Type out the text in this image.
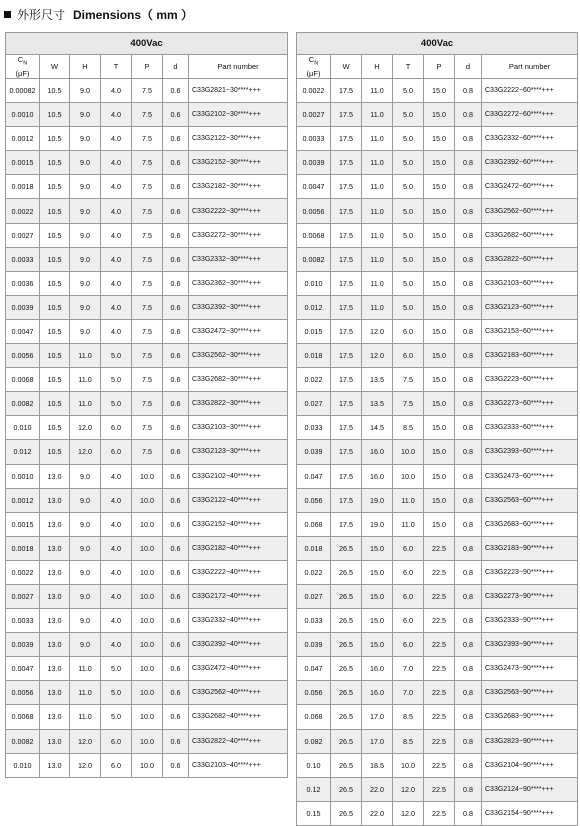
外形尺寸 Dimensions（ mm ）
400Vac						
$C_N$
(μF)	W	H	T	P	d	Part number
0.00082	10.5	9.0	4.0	7.5	0.6	C33G2821−30****+++
0.0010	10.5	9.0	4.0	7.5	0.6	C33G2102−30****+++
0.0012	10.5	9.0	4.0	7.5	0.6	C33G2122−30****+++
0.0015	10.5	9.0	4.0	7.5	0.6	C33G2152−30****+++
0.0018	10.5	9.0	4.0	7.5	0.6	C33G2182−30****+++
0.0022	10.5	9.0	4.0	7.5	0.6	C33G2222−30****+++
0.0027	10.5	9.0	4.0	7.5	0.6	C33G2272−30****+++
0.0033	10.5	9.0	4.0	7.5	0.6	C33G2332−30****+++
0.0036	10.5	9.0	4.0	7.5	0.6	C33G2362−30****+++
0.0039	10.5	9.0	4.0	7.5	0.6	C33G2392−30****+++
0.0047	10.5	9.0	4.0	7.5	0.6	C33G2472−30****+++
0.0056	10.5	11.0	5.0	7.5	0.6	C33G2562−30****+++
0.0068	10.5	11.0	5.0	7.5	0.6	C33G2682−30****+++
0.0082	10.5	11.0	5.0	7.5	0.6	C33G2822−30****+++
0.010	10.5	12.0	6.0	7.5	0.6	C33G2103−30****+++
0.012	10.5	12.0	6.0	7.5	0.6	C33G2123−30****+++
0.0010	13.0	9.0	4.0	10.0	0.6	C33G2102−40****+++
0.0012	13.0	9.0	4.0	10.0	0.6	C33G2122−40****+++
0.0015	13.0	9.0	4.0	10.0	0.6	C33G2152−40****+++
0.0018	13.0	9.0	4.0	10.0	0.6	C33G2182−40****+++
0.0022	13.0	9.0	4.0	10.0	0.6	C33G2222−40****+++
0.0027	13.0	9.0	4.0	10.0	0.6	C33G2172−40****+++
0.0033	13.0	9.0	4.0	10.0	0.6	C33G2332−40****+++
0.0039	13.0	9.0	4.0	10.0	0.6	C33G2392−40****+++
0.0047	13.0	11.0	5.0	10.0	0.6	C33G2472−40****+++
0.0056	13.0	11.0	5.0	10.0	0.6	C33G2562−40****+++
0.0068	13.0	11.0	5.0	10.0	0.6	C33G2682−40****+++
0.0082	13.0	12.0	6.0	10.0	0.6	C33G2822−40****+++
0.010	13.0	12.0	6.0	10.0	0.6	C33G2103−40****+++
400Vac						
$C_N$
(μF)	W	H	T	P	d	Part number
0.0022	17.5	11.0	5.0	15.0	0.8	C33G2222−60****+++
0.0027	17.5	11.0	5.0	15.0	0.8	C33G2272−60****+++
0.0033	17.5	11.0	5.0	15.0	0.8	C33G2332−60****+++
0.0039	17.5	11.0	5.0	15.0	0.8	C33G2392−60****+++
0.0047	17.5	11.0	5.0	15.0	0.8	C33G2472−60****+++
0.0056	17.5	11.0	5.0	15.0	0.8	C33G2562−60****+++
0.0068	17.5	11.0	5.0	15.0	0.8	C33G2682−60****+++
0.0082	17.5	11.0	5.0	15.0	0.8	C33G2822−60****+++
0.010	17.5	11.0	5.0	15.0	0.8	C33G2103−60****+++
0.012	17.5	11.0	5.0	15.0	0.8	C33G2123−60****+++
0.015	17.5	12.0	6.0	15.0	0.8	C33G2153−60****+++
0.018	17.5	12.0	6.0	15.0	0.8	C33G2183−60****+++
0.022	17.5	13.5	7.5	15.0	0.8	C33G2223−60****+++
0.027	17.5	13.5	7.5	15.0	0.8	C33G2273−60****+++
0.033	17.5	14.5	8.5	15.0	0.8	C33G2333−60****+++
0.039	17.5	16.0	10.0	15.0	0.8	C33G2393−60****+++
0.047	17.5	16.0	10.0	15.0	0.8	C33G2473−60****+++
0.056	17.5	19.0	11.0	15.0	0.8	C33G2563−60****+++
0.068	17.5	19.0	11.0	15.0	0.8	C33G2683−60****+++
0.018	26.5	15.0	6.0	22.5	0.8	C33G2183−90****+++
0.022	26.5	15.0	6.0	22.5	0.8	C33G2223−90****+++
0.027	26.5	15.0	6.0	22.5	0.8	C33G2273−90****+++
0.033	26.5	15.0	6.0	22.5	0.8	C33G2333−90****+++
0.039	26.5	15.0	6.0	22.5	0.8	C33G2393−90****+++
0.047	26.5	16.0	7.0	22.5	0.8	C33G2473−90****+++
0.056	26.5	16.0	7.0	22.5	0.8	C33G2563−90****+++
0.068	26.5	17.0	8.5	22.5	0.8	C33G2683−90****+++
0.082	26.5	17.0	8.5	22.5	0.8	C33G2823−90****+++
0.10	26.5	18.5	10.0	22.5	0.8	C33G2104−90****+++
0.12	26.5	22.0	12.0	22.5	0.8	C33G2124−90****+++
0.15	26.5	22.0	12.0	22.5	0.8	C33G2154−90****+++
